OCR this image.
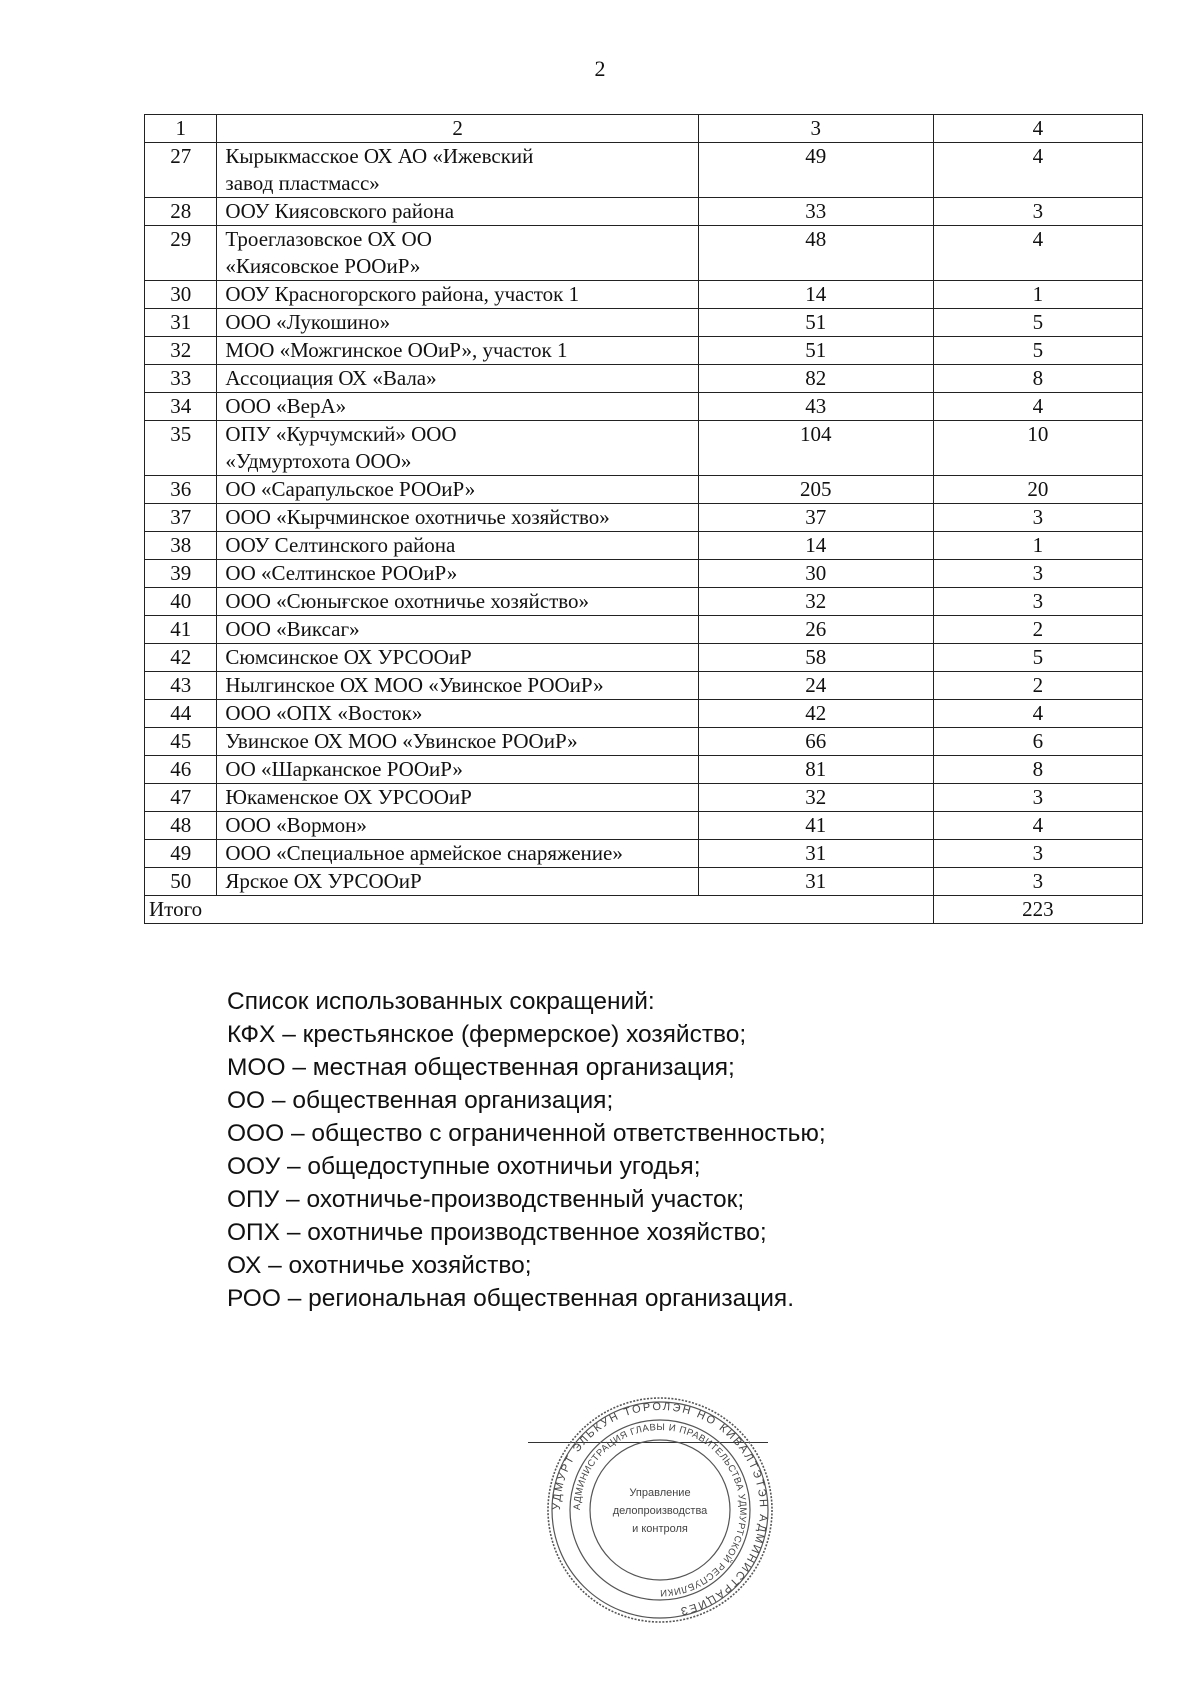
2
1	2	3	4
27	Кырыкмасское ОХ АО «Ижевский
завод пластмасс»	49	4
28	ООУ Киясовского района	33	3
29	Троеглазовское ОХ ОО
«Киясовское РООиР»	48	4
30	ООУ Красногорского района, участок 1	14	1
31	ООО «Лукошино»	51	5
32	МОО «Можгинское ООиР», участок 1	51	5
33	Ассоциация ОХ «Вала»	82	8
34	ООО «ВерА»	43	4
35	ОПУ «Курчумский» ООО
«Удмуртохота ООО»	104	10
36	ОО «Сарапульское РООиР»	205	20
37	ООО «Кырчминское охотничье хозяйство»	37	3
38	ООУ Селтинского района	14	1
39	ОО «Селтинское РООиР»	30	3
40	ООО «Сюнығское охотничье хозяйство»	32	3
41	ООО «Виксаг»	26	2
42	Сюмсинское ОХ УРСООиР	58	5
43	Нылгинское ОХ МОО «Увинское РООиР»	24	2
44	ООО «ОПХ «Восток»	42	4
45	Увинское ОХ МОО «Увинское РООиР»	66	6
46	ОО «Шарканское РООиР»	81	8
47	Юкаменское ОХ УРСООиР	32	3
48	ООО «Вормон»	41	4
49	ООО «Специальное армейское снаряжение»	31	3
50	Ярское ОХ УРСООиР	31	3
Итого			223
Список использованных сокращений:
КФХ – крестьянское (фермерское) хозяйство;
МОО – местная общественная организация;
ОО – общественная организация;
ООО – общество с ограниченной ответственностью;
ООУ – общедоступные охотничьи угодья;
ОПУ – охотничье-производственный участок;
ОПХ – охотничье производственное хозяйство;
ОХ – охотничье хозяйство;
РОО – региональная общественная организация.
УДМУРТ ЭЛЬКУН ТОРОЛЭН НО КИВАЛТЭТЭН АДМИНИСТРАЦИЕЗ
АДМИНИСТРАЦИЯ ГЛАВЫ И ПРАВИТЕЛЬСТВА УДМУРТСКОЙ РЕСПУБЛИКИ
Управление
делопроизводства
и контроля
